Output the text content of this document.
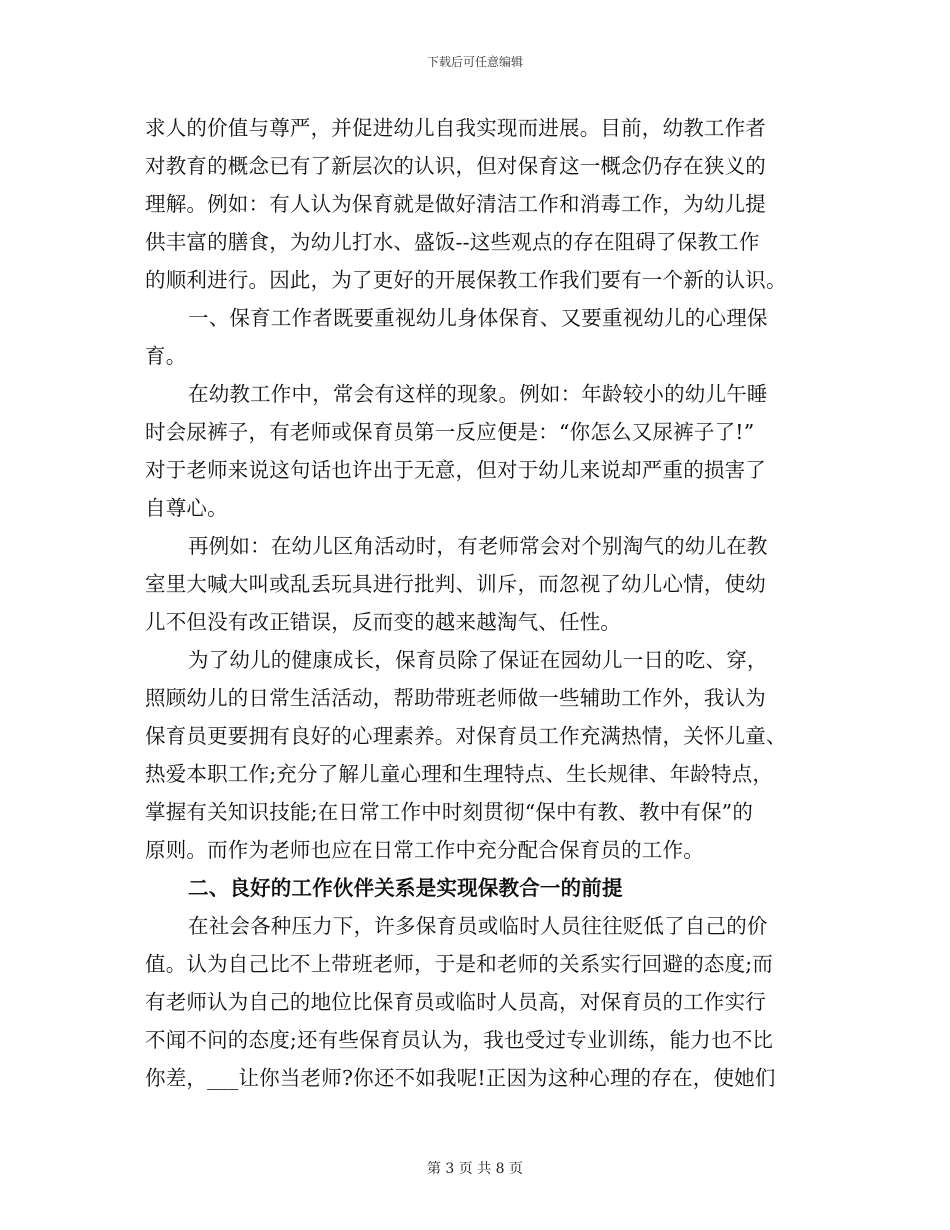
下载后可任意编辑
求人的价值与尊严，并促进幼儿自我实现而进展。目前，幼教工作者
对教育的概念已有了新层次的认识，但对保育这一概念仍存在狭义的
理解。例如：有人认为保育就是做好清洁工作和消毒工作，为幼儿提
供丰富的膳食，为幼儿打水、盛饭--这些观点的存在阻碍了保教工作
的顺利进行。因此，为了更好的开展保教工作我们要有一个新的认识。
一、保育工作者既要重视幼儿身体保育、又要重视幼儿的心理保
育。
在幼教工作中，常会有这样的现象。例如：年龄较小的幼儿午睡
时会尿裤子，有老师或保育员第一反应便是：“你怎么又尿裤子了!”
对于老师来说这句话也许出于无意，但对于幼儿来说却严重的损害了
自尊心。
再例如：在幼儿区角活动时，有老师常会对个别淘气的幼儿在教
室里大喊大叫或乱丢玩具进行批判、训斥，而忽视了幼儿心情，使幼
儿不但没有改正错误，反而变的越来越淘气、任性。
为了幼儿的健康成长，保育员除了保证在园幼儿一日的吃、穿，
照顾幼儿的日常生活活动，帮助带班老师做一些辅助工作外，我认为
保育员更要拥有良好的心理素养。对保育员工作充满热情，关怀儿童、
热爱本职工作;充分了解儿童心理和生理特点、生长规律、年龄特点，
掌握有关知识技能;在日常工作中时刻贯彻“保中有教、教中有保”的
原则。而作为老师也应在日常工作中充分配合保育员的工作。
二、良好的工作伙伴关系是实现保教合一的前提
在社会各种压力下，许多保育员或临时人员往往贬低了自己的价
值。认为自己比不上带班老师，于是和老师的关系实行回避的态度;而
有老师认为自己的地位比保育员或临时人员高，对保育员的工作实行
不闻不问的态度;还有些保育员认为，我也受过专业训练，能力也不比
你差，___让你当老师?你还不如我呢!正因为这种心理的存在，使她们
第 3 页 共 8 页
